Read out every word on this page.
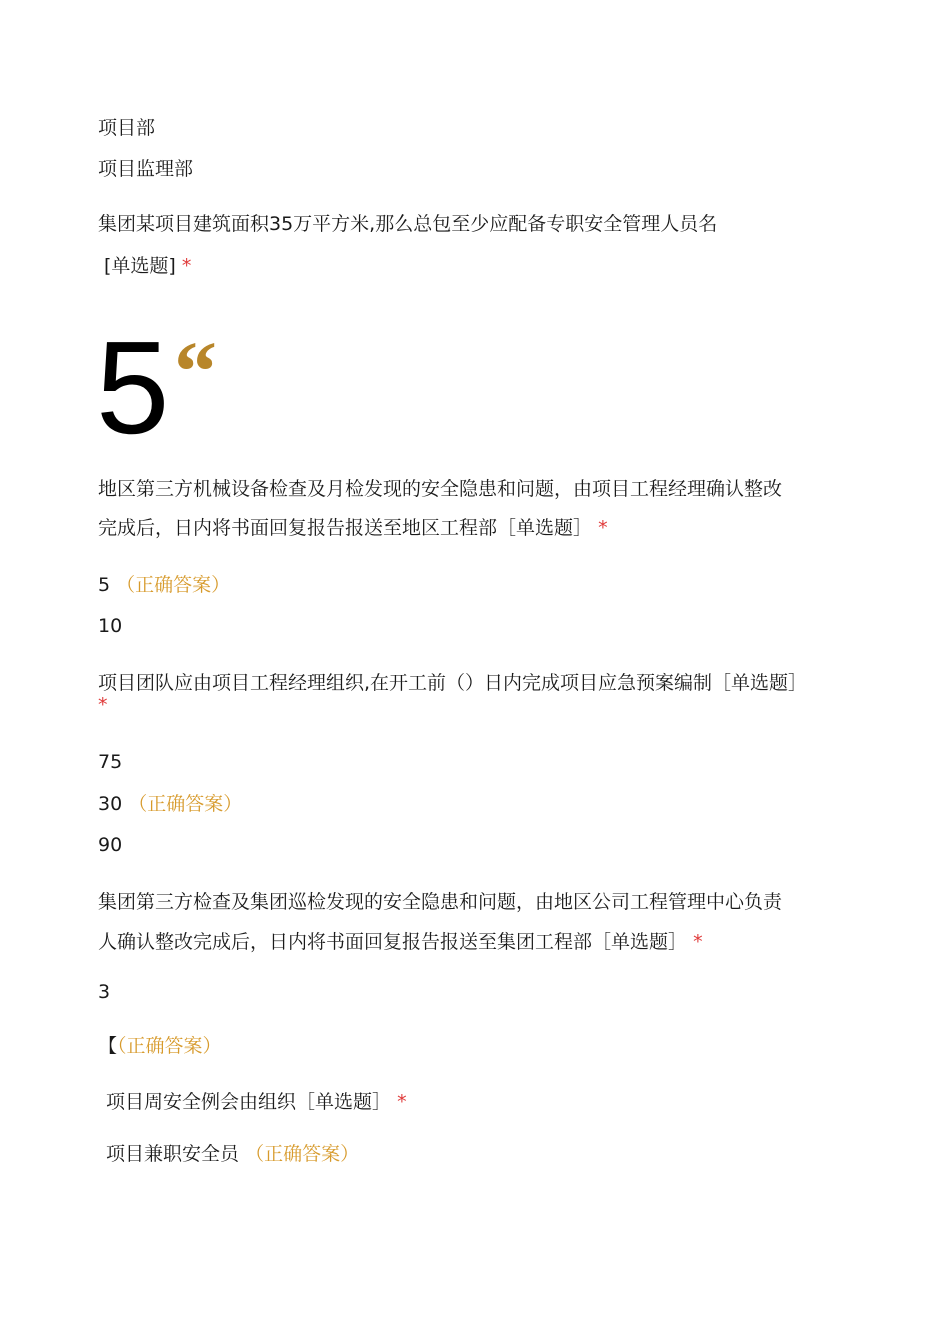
项目部
项目监理部
集团某项目建筑面积35万平方米,那么总包至少应配备专职安全管理人员名
[单选题] *
5 “
地区第三方机械设备检查及月检发现的安全隐患和问题，由项目工程经理确认整改
完成后，日内将书面回复报告报送至地区工程部［单选题］ *
5 （正确答案）
10
项目团队应由项目工程经理组织,在开工前（）日内完成项目应急预案编制［单选题］
*
75
30 （正确答案）
90
集团第三方检查及集团巡检发现的安全隐患和问题，由地区公司工程管理中心负责
人确认整改完成后，日内将书面回复报告报送至集团工程部［单选题］ *
3
【（正确答案）
项目周安全例会由组织［单选题］ *
项目兼职安全员 （正确答案）
